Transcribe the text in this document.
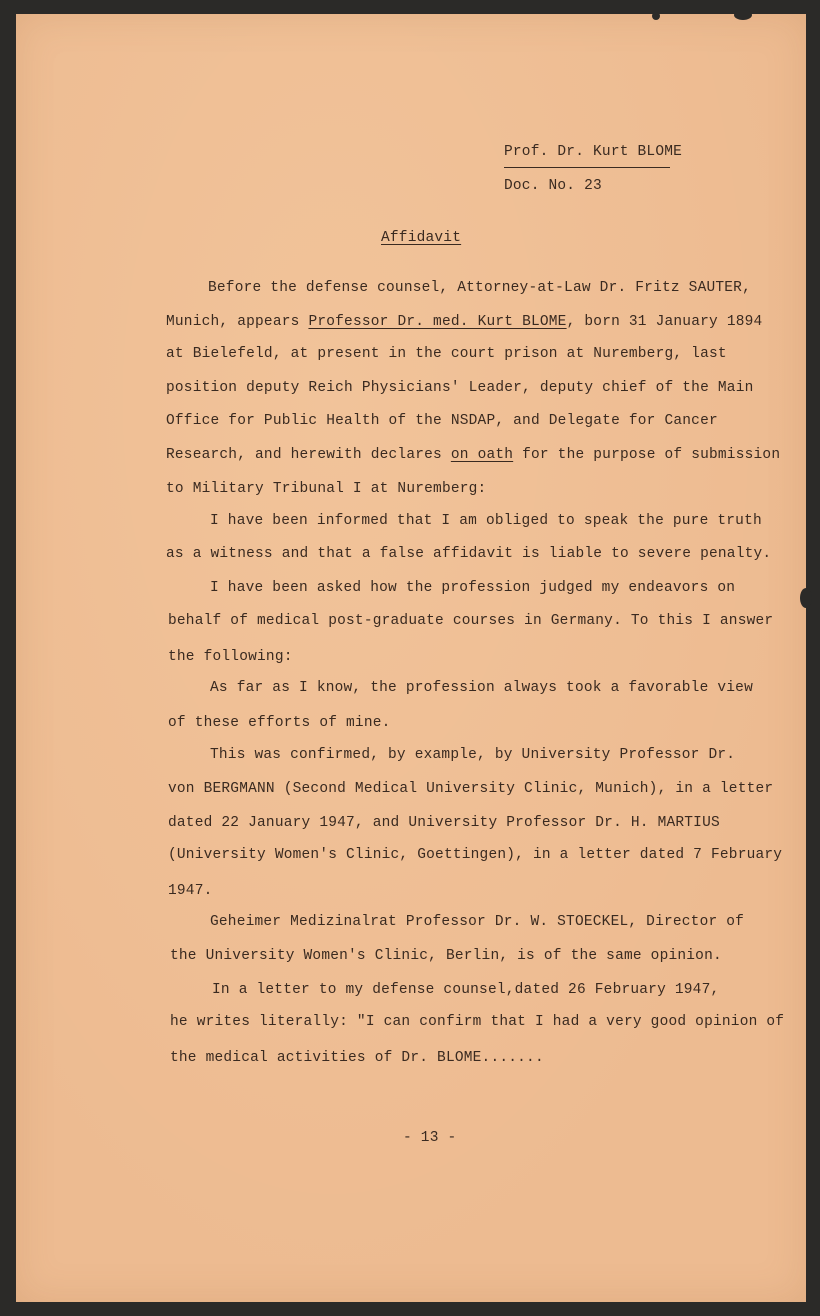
Prof. Dr. Kurt BLOME
Doc. No. 23
Affidavit
Before the defense counsel, Attorney-at-Law Dr. Fritz SAUTER,
Munich, appears Professor Dr. med. Kurt BLOME, born 31 January 1894
at Bielefeld, at present in the court prison at Nuremberg, last
position deputy Reich Physicians' Leader, deputy chief of the Main
Office for Public Health of the NSDAP, and Delegate for Cancer
Research, and herewith declares on oath for the purpose of submission
to Military Tribunal I at Nuremberg:
I have been informed that I am obliged to speak the pure truth
as a witness and that a false affidavit is liable to severe penalty.
I have been asked how the profession judged my endeavors on
behalf of medical post-graduate courses in Germany. To this I answer
the following:
As far as I know, the profession always took a favorable view
of these efforts of mine.
This was confirmed, by example, by University Professor Dr.
von BERGMANN (Second Medical University Clinic, Munich), in a letter
dated 22 January 1947, and University Professor Dr. H. MARTIUS
(University Women's Clinic, Goettingen), in a letter dated 7 February
1947.
Geheimer Medizinalrat Professor Dr. W. STOECKEL, Director of
the University Women's Clinic, Berlin, is of the same opinion.
In a letter to my defense counsel,dated 26 February 1947,
he writes literally: "I can confirm that I had a very good opinion of
the medical activities of Dr. BLOME.......
- 13 -
